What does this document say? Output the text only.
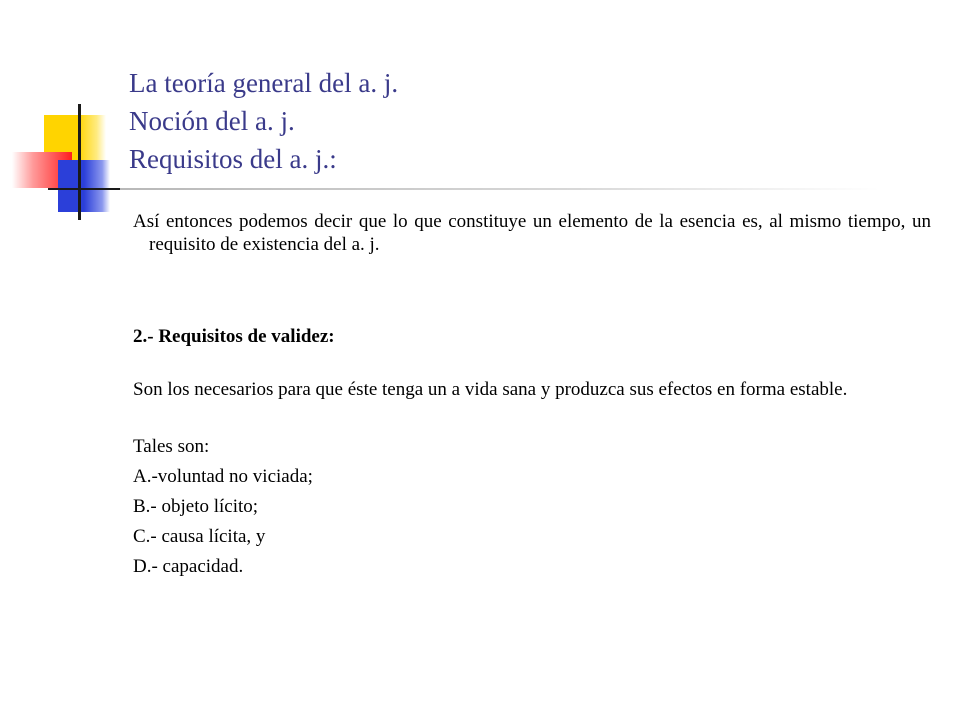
La teoría general del a. j.
Noción del a. j.
Requisitos del a. j.:

Así entonces podemos decir que lo que constituye un elemento de la esencia es, al mismo tiempo, un requisito de existencia del a. j.

2.- Requisitos de validez:

Son los necesarios para que éste tenga un a vida sana y produzca sus efectos en forma estable.

Tales son:
A.-voluntad no viciada;
B.- objeto lícito;
C.- causa lícita, y
D.- capacidad.
